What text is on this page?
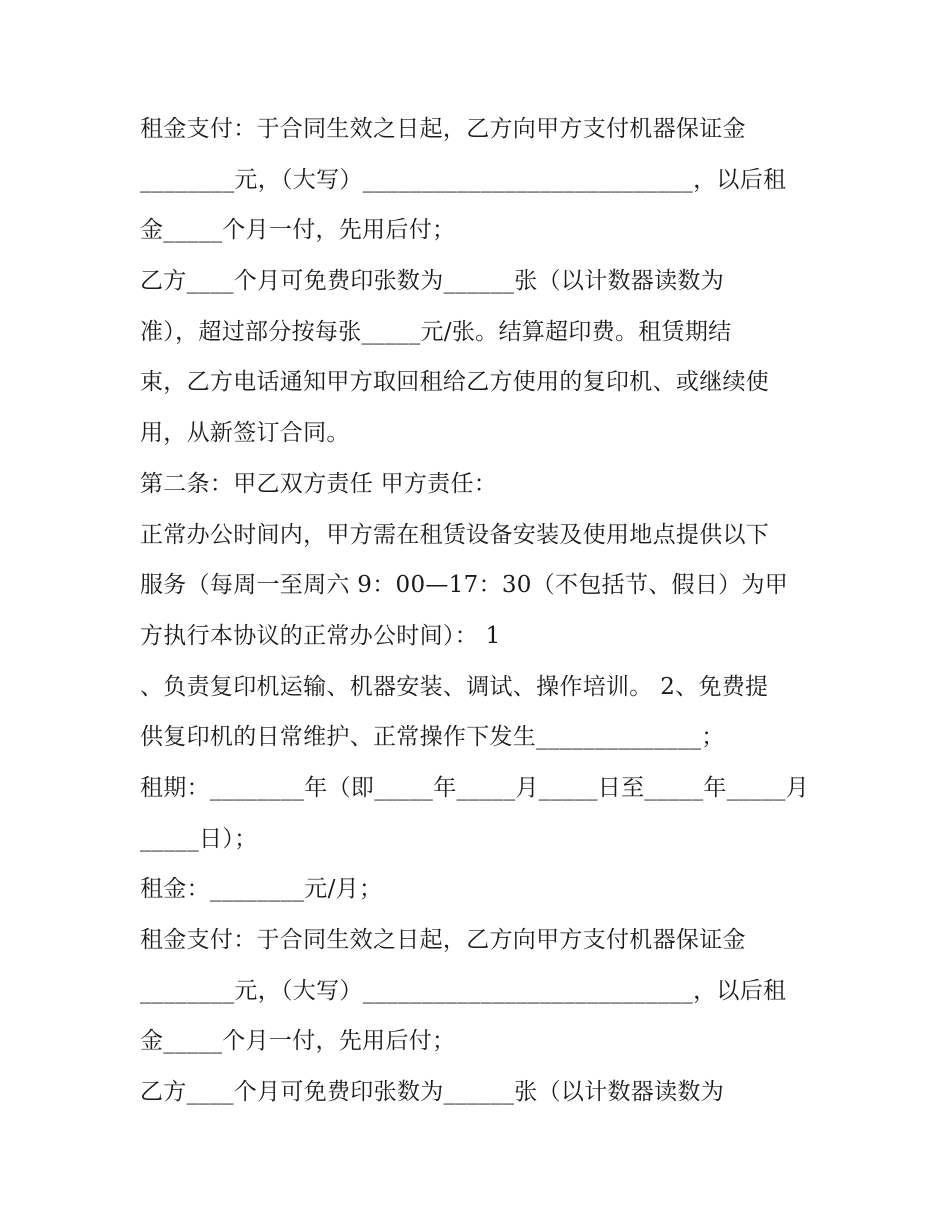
租金支付：于合同生效之日起，乙方向甲方支付机器保证金
________元，（大写）____________________________，以后租
金_____个月一付，先用后付；
乙方____个月可免费印张数为______张（以计数器读数为
准），超过部分按每张_____元/张。结算超印费。租赁期结
束，乙方电话通知甲方取回租给乙方使用的复印机、或继续使
用，从新签订合同。
第二条：甲乙双方责任 甲方责任：
正常办公时间内，甲方需在租赁设备安装及使用地点提供以下
服务（每周一至周六 9：00—17：30（不包括节、假日）为甲
方执行本协议的正常办公时间）： 1
、负责复印机运输、机器安装、调试、操作培训。 2、免费提
供复印机的日常维护、正常操作下发生______________；
租期：________年（即_____年_____月_____日至_____年_____月
_____日）；
租金：________元/月；
租金支付：于合同生效之日起，乙方向甲方支付机器保证金
________元，（大写）____________________________，以后租
金_____个月一付，先用后付；
乙方____个月可免费印张数为______张（以计数器读数为
